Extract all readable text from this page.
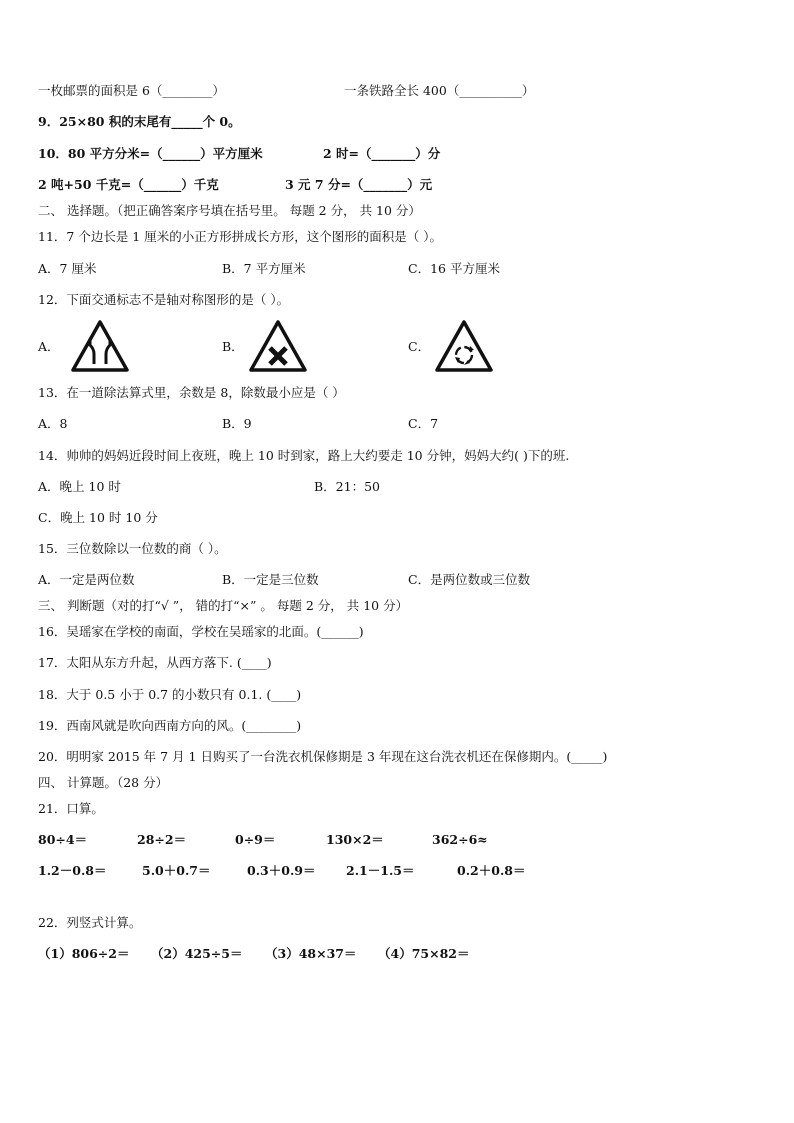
一枚邮票的面积是 6（________）	一条铁路全长 400（__________）
9．25×80 积的末尾有_____个 0。
10．80 平方分米=（______）平方厘米	2 时=（_______）分
2 吨+50 千克=（______）千克	3 元 7 分=（_______）元
二、 选择题。（把正确答案序号填在括号里。 每题 2 分， 共 10 分）
11．7 个边长是 1 厘米的小正方形拼成长方形，这个图形的面积是（ ）。
A．7 厘米	B．7 平方厘米	C．16 平方厘米
12．下面交通标志不是轴对称图形的是（ ）。
A．	B．	C．
13．在一道除法算式里，余数是 8，除数最小应是（ ）
A．8	B．9	C．7
14．帅帅的妈妈近段时间上夜班，晚上 10 时到家，路上大约要走 10 分钟，妈妈大约( )下的班.
A．晚上 10 时	B．21：50
C．晚上 10 时 10 分
15．三位数除以一位数的商（ ）。
A．一定是两位数	B．一定是三位数	C．是两位数或三位数
三、 判断题（对的打“√ ”， 错的打“×” 。 每题 2 分， 共 10 分）
16．吴瑶家在学校的南面，学校在吴瑶家的北面。(______)
17．太阳从东方升起，从西方落下. (____)
18．大于 0.5 小于 0.7 的小数只有 0.1. (____)
19．西南风就是吹向西南方向的风。(________)
20．明明家 2015 年 7 月 1 日购买了一台洗衣机保修期是 3 年现在这台洗衣机还在保修期内。(_____)
四、 计算题。（28 分）
21．口算。
80÷4＝	28÷2＝	0÷9＝	130×2＝	362÷6≈
1.2－0.8＝	5.0＋0.7＝	0.3＋0.9＝ 2.1－1.5＝	0.2＋0.8＝
22．列竖式计算。
（1）806÷2＝ （2）425÷5＝ （3）48×37＝ （4）75×82＝
